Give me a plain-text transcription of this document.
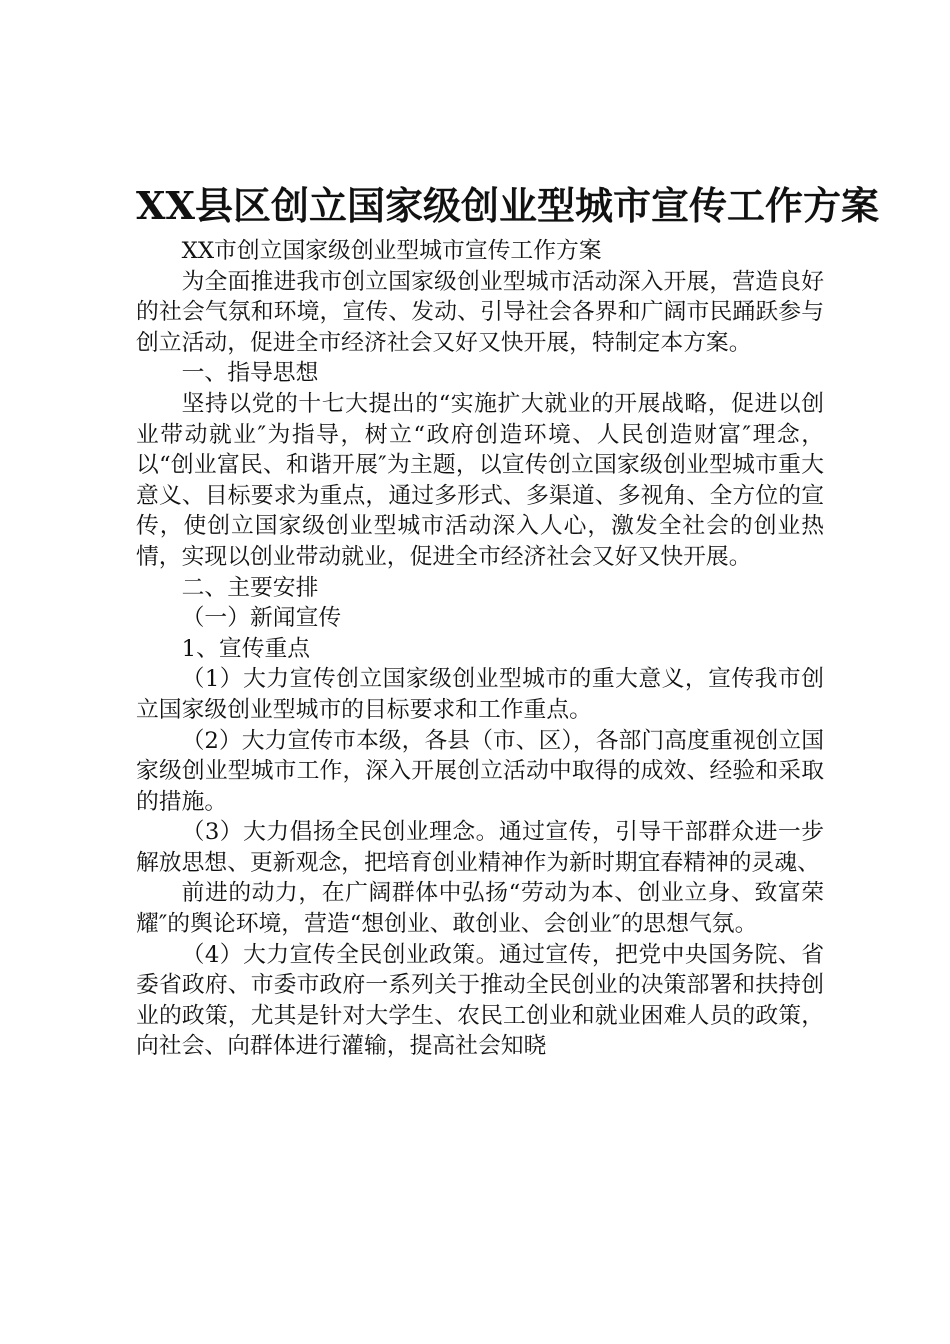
XX县区创立国家级创业型城市宣传工作方案

XX市创立国家级创业型城市宣传工作方案

为全面推进我市创立国家级创业型城市活动深入开展，营造良好的社会气氛和环境，宣传、发动、引导社会各界和广阔市民踊跃参与创立活动，促进全市经济社会又好又快开展，特制定本方案。

一、指导思想

坚持以党的十七大提出的“实施扩大就业的开展战略，促进以创业带动就业″为指导，树立“政府创造环境、人民创造财富″理念，以“创业富民、和谐开展″为主题，以宣传创立国家级创业型城市重大意义、目标要求为重点，通过多形式、多渠道、多视角、全方位的宣传，使创立国家级创业型城市活动深入人心，激发全社会的创业热情，实现以创业带动就业，促进全市经济社会又好又快开展。

二、主要安排

（一）新闻宣传

1、宣传重点

（1）大力宣传创立国家级创业型城市的重大意义，宣传我市创立国家级创业型城市的目标要求和工作重点。

（2）大力宣传市本级，各县（市、区），各部门高度重视创立国家级创业型城市工作，深入开展创立活动中取得的成效、经验和采取的措施。

（3）大力倡扬全民创业理念。通过宣传，引导干部群众进一步解放思想、更新观念，把培育创业精神作为新时期宜春精神的灵魂、

前进的动力，在广阔群体中弘扬“劳动为本、创业立身、致富荣耀″的舆论环境，营造“想创业、敢创业、会创业″的思想气氛。

（4）大力宣传全民创业政策。通过宣传，把党中央国务院、省委省政府、市委市政府一系列关于推动全民创业的决策部署和扶持创业的政策，尤其是针对大学生、农民工创业和就业困难人员的政策，向社会、向群体进行灌输，提高社会知晓
